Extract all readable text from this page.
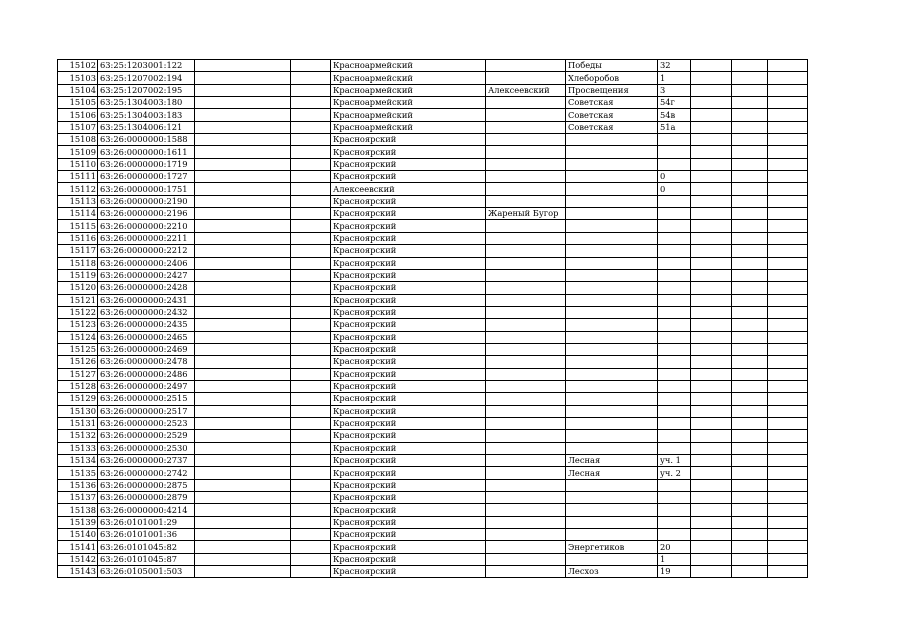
15102	63:25:1203001:122			Красноармейский		Победы	32			
15103	63:25:1207002:194			Красноармейский		Хлеборобов	1			
15104	63:25:1207002:195			Красноармейский	Алексеевский	Просвещения	3			
15105	63:25:1304003:180			Красноармейский		Советская	54г			
15106	63:25:1304003:183			Красноармейский		Советская	54в			
15107	63:25:1304006:121			Красноармейский		Советская	51а			
15108	63:26:0000000:1588			Красноярский						
15109	63:26:0000000:1611			Красноярский						
15110	63:26:0000000:1719			Красноярский						
15111	63:26:0000000:1727			Красноярский			0			
15112	63:26:0000000:1751			Алексеевский			0			
15113	63:26:0000000:2190			Красноярский						
15114	63:26:0000000:2196			Красноярский	Жареный Бугор					
15115	63:26:0000000:2210			Красноярский						
15116	63:26:0000000:2211			Красноярский						
15117	63:26:0000000:2212			Красноярский						
15118	63:26:0000000:2406			Красноярский						
15119	63:26:0000000:2427			Красноярский						
15120	63:26:0000000:2428			Красноярский						
15121	63:26:0000000:2431			Красноярский						
15122	63:26:0000000:2432			Красноярский						
15123	63:26:0000000:2435			Красноярский						
15124	63:26:0000000:2465			Красноярский						
15125	63:26:0000000:2469			Красноярский						
15126	63:26:0000000:2478			Красноярский						
15127	63:26:0000000:2486			Красноярский						
15128	63:26:0000000:2497			Красноярский						
15129	63:26:0000000:2515			Красноярский						
15130	63:26:0000000:2517			Красноярский						
15131	63:26:0000000:2523			Красноярский						
15132	63:26:0000000:2529			Красноярский						
15133	63:26:0000000:2530			Красноярский						
15134	63:26:0000000:2737			Красноярский		Лесная	уч. 1			
15135	63:26:0000000:2742			Красноярский		Лесная	уч. 2			
15136	63:26:0000000:2875			Красноярский						
15137	63:26:0000000:2879			Красноярский						
15138	63:26:0000000:4214			Красноярский						
15139	63:26:0101001:29			Красноярский						
15140	63:26:0101001:36			Красноярский						
15141	63:26:0101045:82			Красноярский		Энергетиков	20			
15142	63:26:0101045:87			Красноярский			1			
15143	63:26:0105001:503			Красноярский		Лесхоз	19			
